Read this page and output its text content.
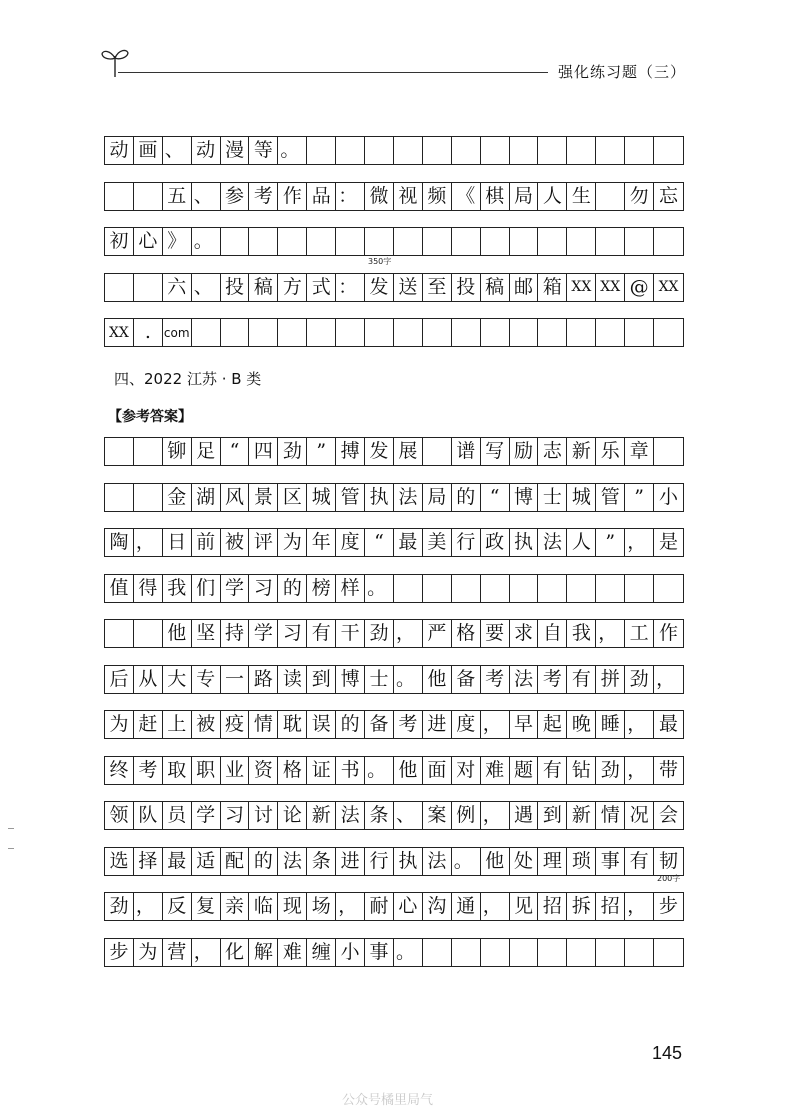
强化练习题（三）
动 画 、 动 漫 等 。
五 、 参 考 作 品 ： 微 视 频 《 棋 局 人 生 勿 忘
初 心 》 。
六 、 投 稿 方 式 ： 发 送 至 投 稿 邮 箱 XX XX @ XX
XX .	com
350字
四、2022 江苏 · B 类
【参考答案】
铆 足 “ 四 劲 ” 搏 发 展 谱 写 励 志 新 乐 章
金 湖 风 景 区 城 管 执 法 局 的 “ 博 士 城 管 ” 小
陶 ， 日 前 被 评 为 年 度 “ 最 美 行 政 执 法 人 ” ， 是
值 得 我 们 学 习 的 榜 样 。
他 坚 持 学 习 有 干 劲 ， 严 格 要 求 自 我 ， 工 作
后 从 大 专 一 路 读 到 博 士 。 他 备 考 法 考 有 拼 劲 ，
为 赶 上 被 疫 情 耽 误 的 备 考 进 度 ， 早 起 晚 睡 ， 最
终 考 取 职 业 资 格 证 书 。 他 面 对 难 题 有 钻 劲 ， 带
领 队 员 学 习 讨 论 新 法 条 、 案 例 ， 遇 到 新 情 况 会
选 择 最 适 配 的 法 条 进 行 执 法 。 他 处 理 琐 事 有 韧
劲 ， 反 复 亲 临 现 场 ， 耐 心 沟 通 ， 见 招 拆 招 ， 步
步 为 营 ， 化 解 难 缠 小 事 。
200字
145
公众号橘里局气
